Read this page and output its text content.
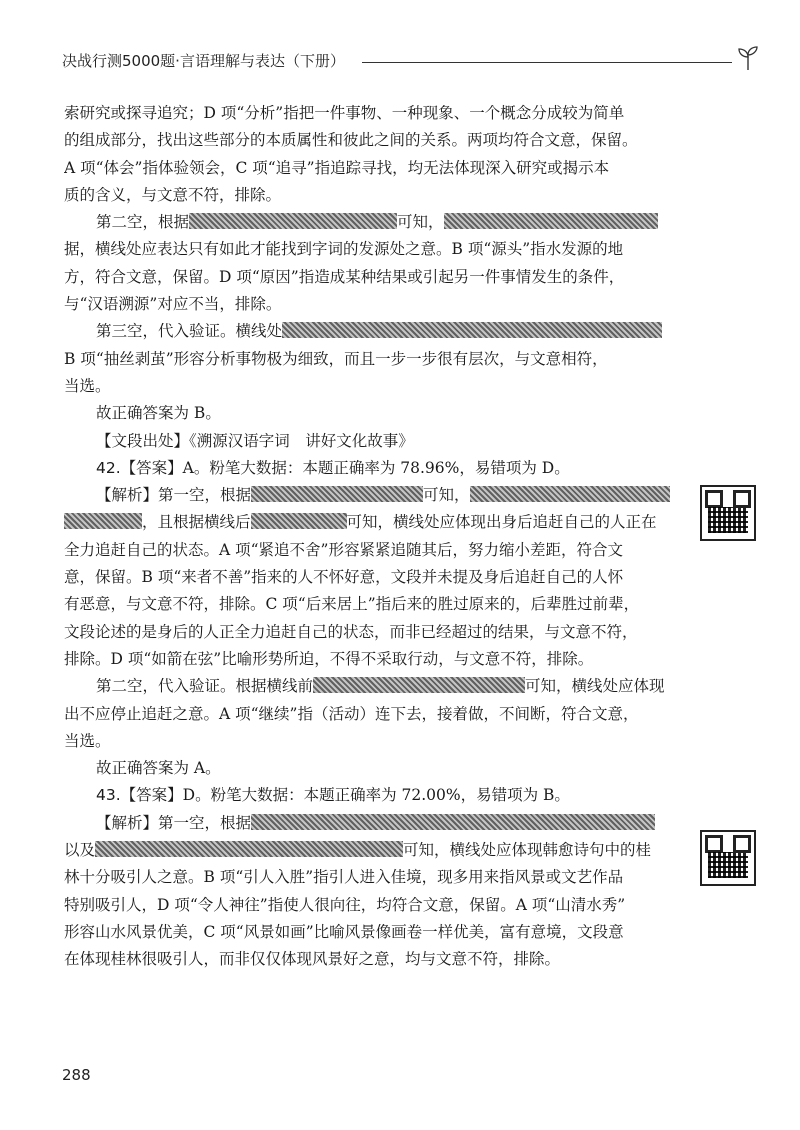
决战行测5000题·言语理解与表达（下册）
索研究或探寻追究；D 项“分析”指把一件事物、一种现象、一个概念分成较为简单
的组成部分，找出这些部分的本质属性和彼此之间的关系。两项均符合文意，保留。
A 项“体会”指体验领会，C 项“追寻”指追踪寻找，均无法体现深入研究或揭示本
质的含义，与文意不符，排除。
第二空，根据	可知，
据，横线处应表达只有如此才能找到字词的发源处之意。B 项“源头”指水发源的地
方，符合文意，保留。D 项“原因”指造成某种结果或引起另一件事情发生的条件，
与“汉语溯源”对应不当，排除。
第三空，代入验证。横线处
B 项“抽丝剥茧”形容分析事物极为细致，而且一步一步很有层次，与文意相符，
当选。
故正确答案为 B。
【文段出处】《溯源汉语字词　讲好文化故事》
42.【答案】A。粉笔大数据：本题正确率为 78.96%，易错项为 D。
【解析】第一空，根据	可知，
，且根据横线后	可知，横线处应体现出身后追赶自己的人正在
全力追赶自己的状态。A 项“紧追不舍”形容紧紧追随其后，努力缩小差距，符合文
意，保留。B 项“来者不善”指来的人不怀好意，文段并未提及身后追赶自己的人怀
有恶意，与文意不符，排除。C 项“后来居上”指后来的胜过原来的，后辈胜过前辈，
文段论述的是身后的人正全力追赶自己的状态，而非已经超过的结果，与文意不符，
排除。D 项“如箭在弦”比喻形势所迫，不得不采取行动，与文意不符，排除。
第二空，代入验证。根据横线前	可知，横线处应体现
出不应停止追赶之意。A 项“继续”指（活动）连下去，接着做，不间断，符合文意，
当选。
故正确答案为 A。
43.【答案】D。粉笔大数据：本题正确率为 72.00%，易错项为 B。
【解析】第一空，根据
以及	可知，横线处应体现韩愈诗句中的桂
林十分吸引人之意。B 项“引人入胜”指引人进入佳境，现多用来指风景或文艺作品
特别吸引人，D 项“令人神往”指使人很向往，均符合文意，保留。A 项“山清水秀”
形容山水风景优美，C 项“风景如画”比喻风景像画卷一样优美，富有意境，文段意
在体现桂林很吸引人，而非仅仅体现风景好之意，均与文意不符，排除。
288
